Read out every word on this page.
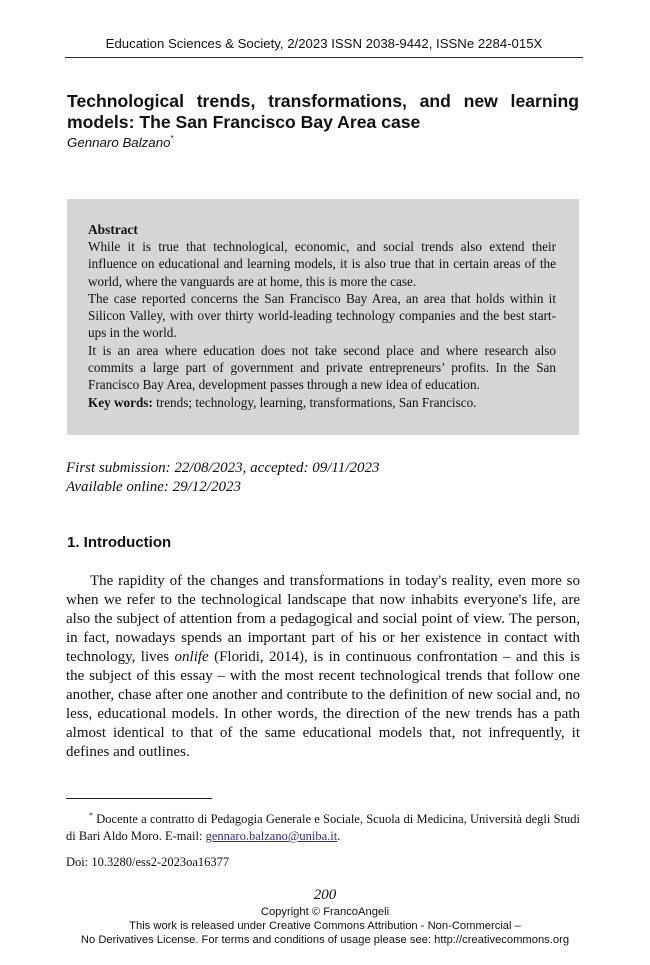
Education Sciences & Society, 2/2023 ISSN 2038-9442, ISSNe 2284-015X
Technological trends, transformations, and new learning models: The San Francisco Bay Area case
Gennaro Balzano*
Abstract

While it is true that technological, economic, and social trends also extend their influence on educational and learning models, it is also true that in certain areas of the world, where the vanguards are at home, this is more the case.

The case reported concerns the San Francisco Bay Area, an area that holds within it Silicon Valley, with over thirty world-leading technology companies and the best start-ups in the world.

It is an area where education does not take second place and where research also commits a large part of government and private entrepreneurs’ profits. In the San Francisco Bay Area, development passes through a new idea of education.

Key words: trends; technology, learning, transformations, San Francisco.

First submission: 22/08/2023, accepted: 09/11/2023
Available online: 29/12/2023
1. Introduction

The rapidity of the changes and transformations in today's reality, even more so when we refer to the technological landscape that now inhabits everyone's life, are also the subject of attention from a pedagogical and social point of view. The person, in fact, nowadays spends an important part of his or her existence in contact with technology, lives onlife (Floridi, 2014), is in continuous confrontation – and this is the subject of this essay – with the most recent technological trends that follow one another, chase after one another and contribute to the definition of new social and, no less, educational models. In other words, the direction of the new trends has a path almost identical to that of the same educational models that, not infrequently, it defines and outlines.

* Docente a contratto di Pedagogia Generale e Sociale, Scuola di Medicina, Università degli Studi di Bari Aldo Moro. E-mail: gennaro.balzano@uniba.it.

Doi: 10.3280/ess2-2023oa16377
200
Copyright © FrancoAngeli
This work is released under Creative Commons Attribution - Non-Commercial –
No Derivatives License. For terms and conditions of usage please see: http://creativecommons.org
